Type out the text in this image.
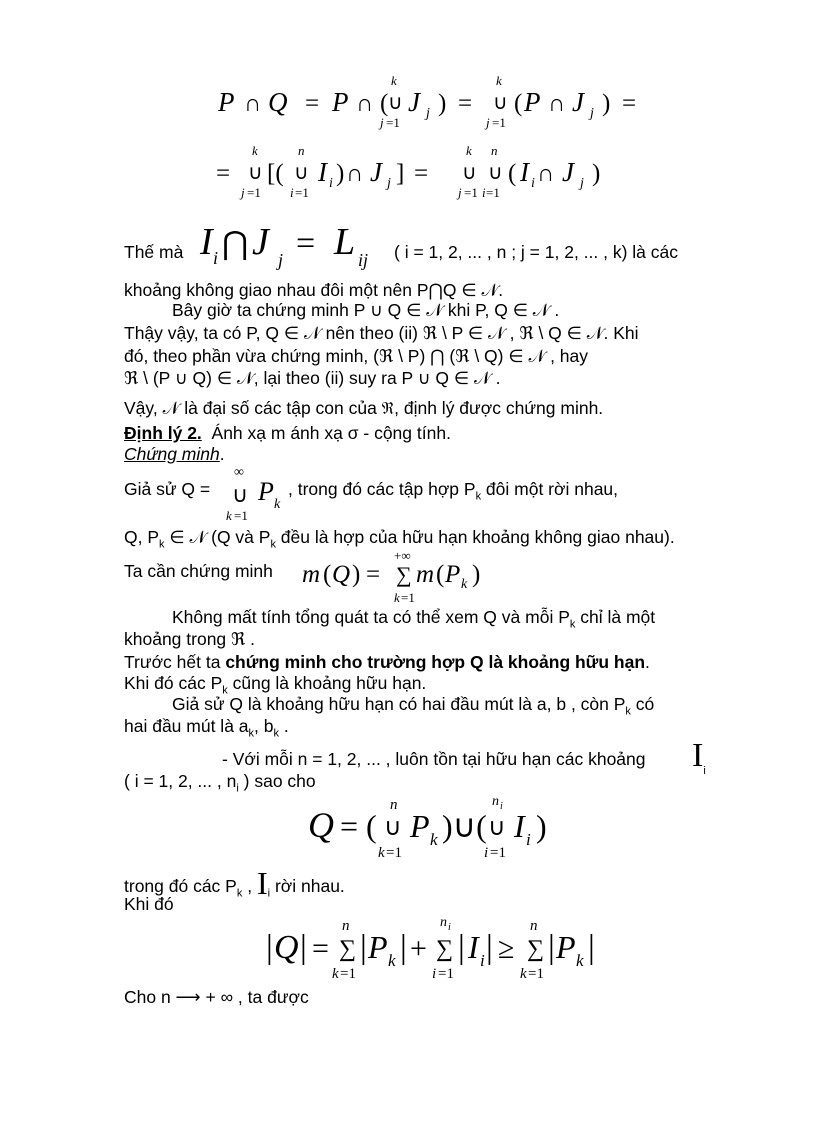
P ∩ Q = P ∩ (
k
∪
j =1
J j ) =
k
∪
j =1
( P ∩ J j ) =
=
k
∪
j =1
[(
n
∪
i =1
I i ) ∩ J j ] =
k
∪
j =1
n
∪
i =1
( I i ∩ J j )
Thế mà I i ⋂ J j = L ij ( i = 1, 2, ... , n ; j = 1, 2, ... , k) là các
khoảng không giao nhau đôi một nên P⋂Q ∈ 𝒩.
Bây giờ ta chứng minh P ∪ Q ∈ 𝒩 khi P, Q ∈ 𝒩 .
Thậy vậy, ta có P, Q ∈ 𝒩 nên theo (ii) ℜ \ P ∈ 𝒩 , ℜ \ Q ∈ 𝒩. Khi
đó, theo phần vừa chứng minh, (ℜ \ P) ⋂ (ℜ \ Q) ∈ 𝒩 , hay
ℜ \ (P ∪ Q) ∈ 𝒩, lại theo (ii) suy ra P ∪ Q ∈ 𝒩 .
Vậy, 𝒩 là đại số các tập con của ℜ, định lý được chứng minh.
Định lý 2. Ánh xạ m ánh xạ σ - cộng tính.
Chứng minh.
Giả sử Q =
∞
∪
k =1
P k
, trong đó các tập hợp $P_k$ đôi một rời nhau,
Q, $P_k$ ∈ 𝒩 (Q và $P_k$ đều là hợp của hữu hạn khoảng không giao nhau).
Ta cần chứng minh m ( Q ) =
+∞
∑
k =1
m ( P k )
Không mất tính tổng quát ta có thể xem Q và mỗi $P_k$ chỉ là một
khoảng trong ℜ .
Trước hết ta chứng minh cho trường hợp Q là khoảng hữu hạn.
Khi đó các $P_k$ cũng là khoảng hữu hạn.
Giả sử Q là khoảng hữu hạn có hai đầu mút là a, b , còn $P_k$ có
hai đầu mút là $a_k$, $b_k$ .
- Với mỗi n = 1, 2, ... , luôn tồn tại hữu hạn các khoảng $I_i$
( i = 1, 2, ... , $n_i$ ) sao cho
Q = (
n
∪
k =1
P k )∪(
n i
∪
i =1
I i )
trong đó các $P_k$ , $I_i$ rời nhau.
Khi đó
| Q | =
n
∑
k =1
| P k | +
n i
∑
i =1
| I i | ≥
n
∑
k =1
| P k |
Cho n ⟶ + ∞ , ta được
